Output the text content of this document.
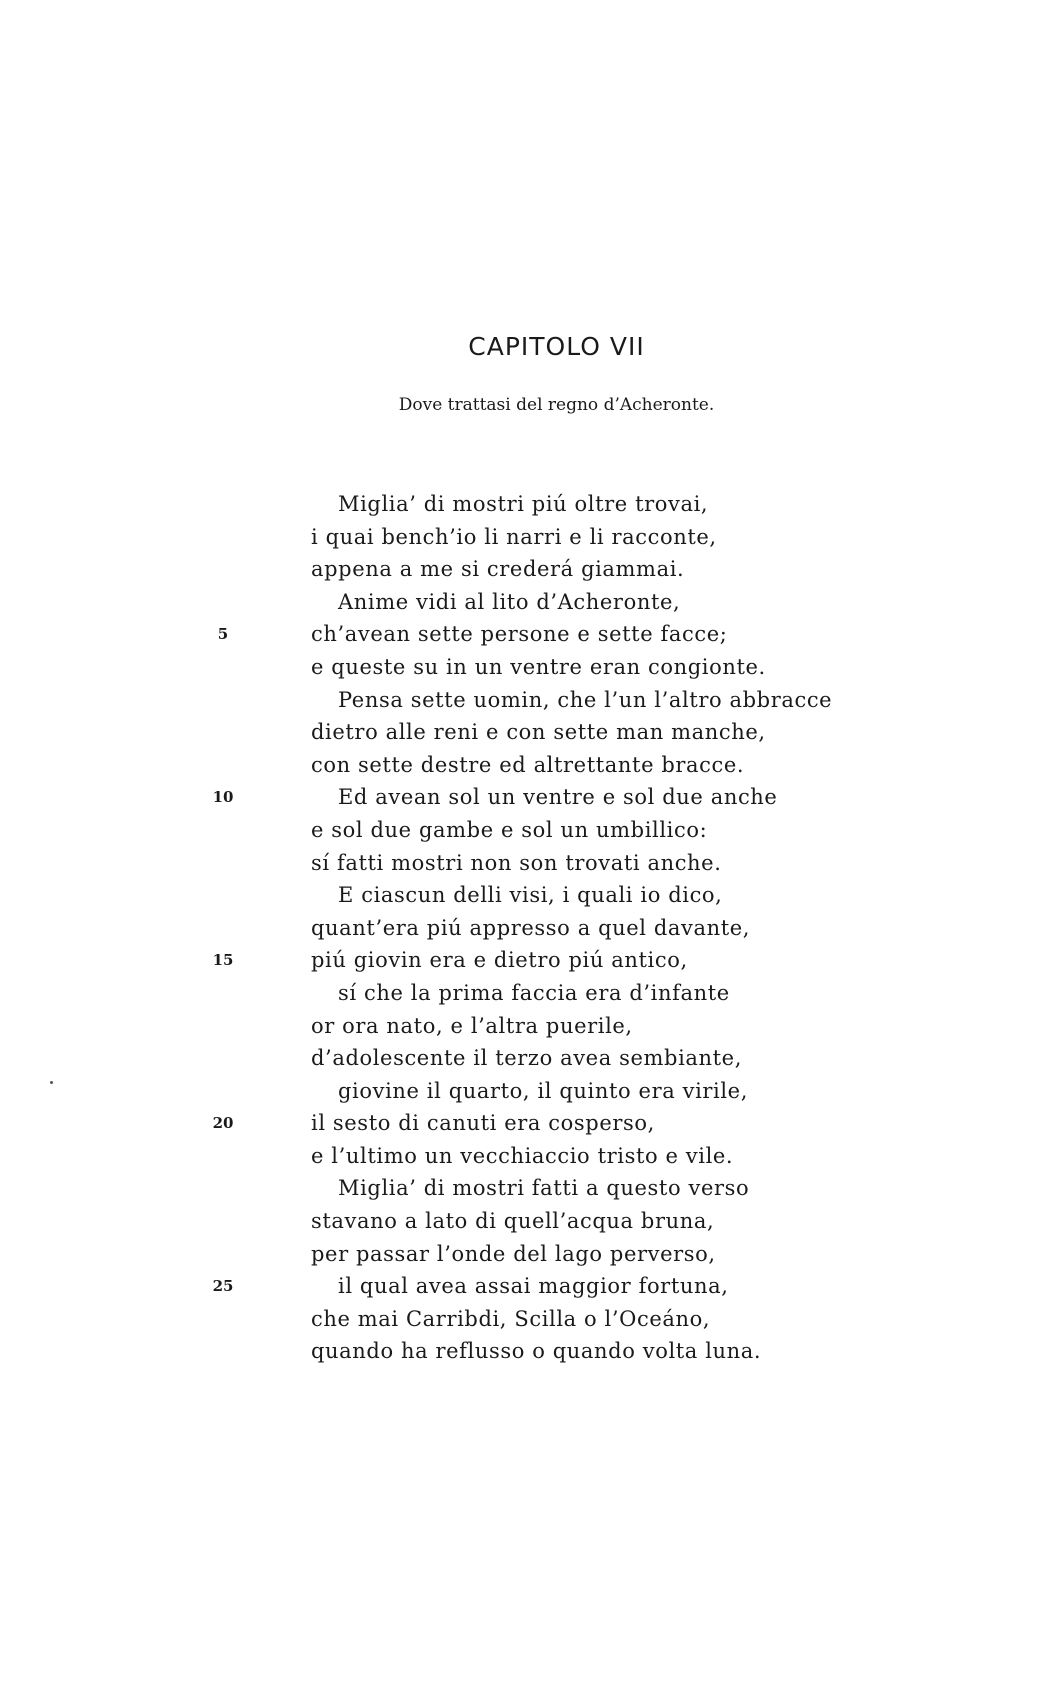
CAPITOLO VII
Dove trattasi del regno d’Acheronte.
Miglia’ di mostri piú oltre trovai,
i quai bench’io li narri e li racconte,
appena a me si crederá giammai.
Anime vidi al lito d’Acheronte,
5	ch’avean sette persone e sette facce;
e queste su in un ventre eran congionte.
Pensa sette uomin, che l’un l’altro abbracce
dietro alle reni e con sette man manche,
con sette destre ed altrettante bracce.
10	Ed avean sol un ventre e sol due anche
e sol due gambe e sol un umbillico:
sí fatti mostri non son trovati anche.
E ciascun delli visi, i quali io dico,
quant’era piú appresso a quel davante,
15	piú giovin era e dietro piú antico,
sí che la prima faccia era d’infante
or ora nato, e l’altra puerile,
d’adolescente il terzo avea sembiante,
giovine il quarto, il quinto era virile,
20	il sesto di canuti era cosperso,
e l’ultimo un vecchiaccio tristo e vile.
Miglia’ di mostri fatti a questo verso
stavano a lato di quell’acqua bruna,
per passar l’onde del lago perverso,
25	il qual avea assai maggior fortuna,
che mai Carribdi, Scilla o l’Oceáno,
quando ha reflusso o quando volta luna.
